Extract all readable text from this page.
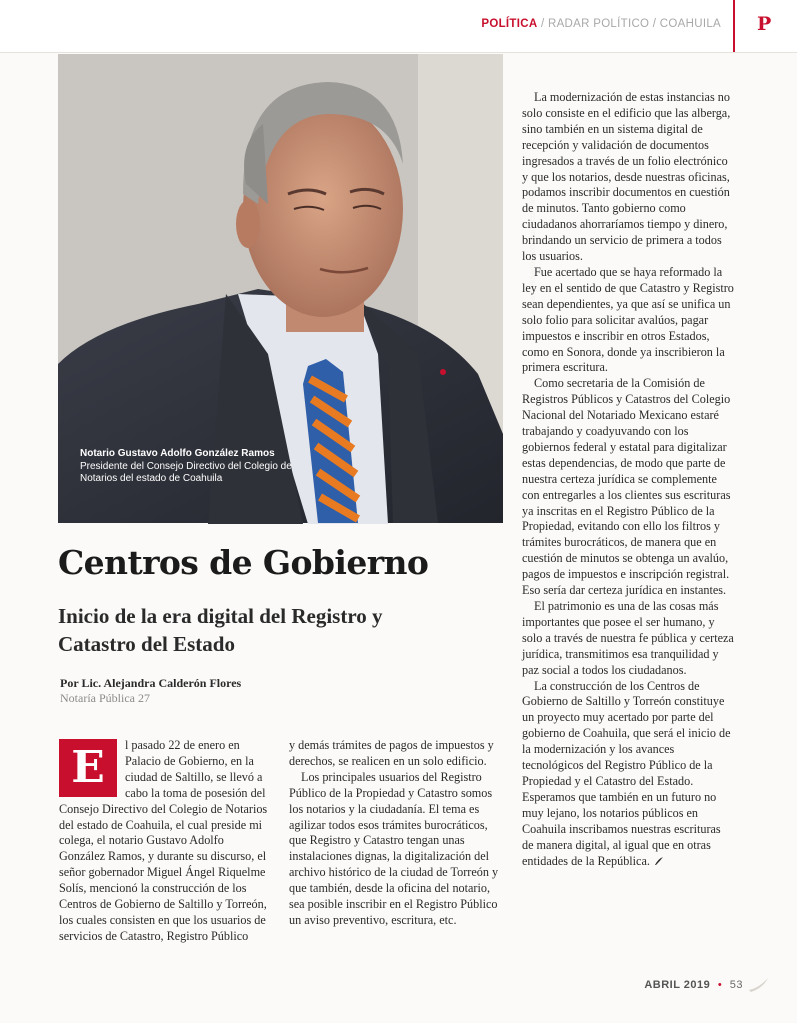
POLÍTICA / RADAR POLÍTICO / COAHUILA P
Fuente www.eldiariodecoahuila.com.mx
Notario Gustavo Adolfo González Ramos
Presidente del Consejo Directivo del Colegio de Notarios del estado de Coahuila
Centros de Gobierno
Inicio de la era digital del Registro y Catastro del Estado
Por Lic. Alejandra Calderón Flores
Notaría Pública 27
E	l pasado 22 de enero en Palacio de Gobierno, en la ciudad de Saltillo, se llevó a cabo la toma de posesión del Consejo Directivo del Colegio de Notarios del estado de Coahuila, el cual preside mi colega, el notario Gustavo Adolfo González Ramos, y durante su discurso, el señor gobernador Miguel Ángel Riquelme Solís, mencionó la construcción de los Centros de Gobierno de Saltillo y Torreón, los cuales consisten en que los usuarios de servicios de Catastro, Registro Público

y demás trámites de pagos de impuestos y derechos, se realicen en un solo edificio.

Los principales usuarios del Registro Público de la Propiedad y Catastro somos los notarios y la ciudadanía. El tema es agilizar todos esos trámites burocráticos, que Registro y Catastro tengan unas instalaciones dignas, la digitalización del archivo histórico de la ciudad de Torreón y que también, desde la oficina del notario, sea posible inscribir en el Registro Público un aviso preventivo, escritura, etc.

La modernización de estas instancias no solo consiste en el edificio que las alberga, sino también en un sistema digital de recepción y validación de documentos ingresados a través de un folio electrónico y que los notarios, desde nuestras oficinas, podamos inscribir documentos en cuestión de minutos. Tanto gobierno como ciudadanos ahorraríamos tiempo y dinero, brindando un servicio de primera a todos los usuarios.

Fue acertado que se haya reformado la ley en el sentido de que Catastro y Registro sean dependientes, ya que así se unifica un solo folio para solicitar avalúos, pagar impuestos e inscribir en otros Estados, como en Sonora, donde ya inscribieron la primera escritura.

Como secretaria de la Comisión de Registros Públicos y Catastros del Colegio Nacional del Notariado Mexicano estaré trabajando y coadyuvando con los gobiernos federal y estatal para digitalizar estas dependencias, de modo que parte de nuestra certeza jurídica se complemente con entregarles a los clientes sus escrituras ya inscritas en el Registro Público de la Propiedad, evitando con ello los filtros y trámites burocráticos, de manera que en cuestión de minutos se obtenga un avalúo, pagos de impuestos e inscripción registral. Eso sería dar certeza jurídica en instantes.

El patrimonio es una de las cosas más importantes que posee el ser humano, y solo a través de nuestra fe pública y certeza jurídica, transmitimos esa tranquilidad y paz social a todos los ciudadanos.

La construcción de los Centros de Gobierno de Saltillo y Torreón constituye un proyecto muy acertado por parte del gobierno de Coahuila, que será el inicio de la modernización y los avances tecnológicos del Registro Público de la Propiedad y el Catastro del Estado. Esperamos que también en un futuro no muy lejano, los notarios públicos en Coahuila inscribamos nuestras escrituras de manera digital, al igual que en otras entidades de la República.

ABRIL 2019 • 53
